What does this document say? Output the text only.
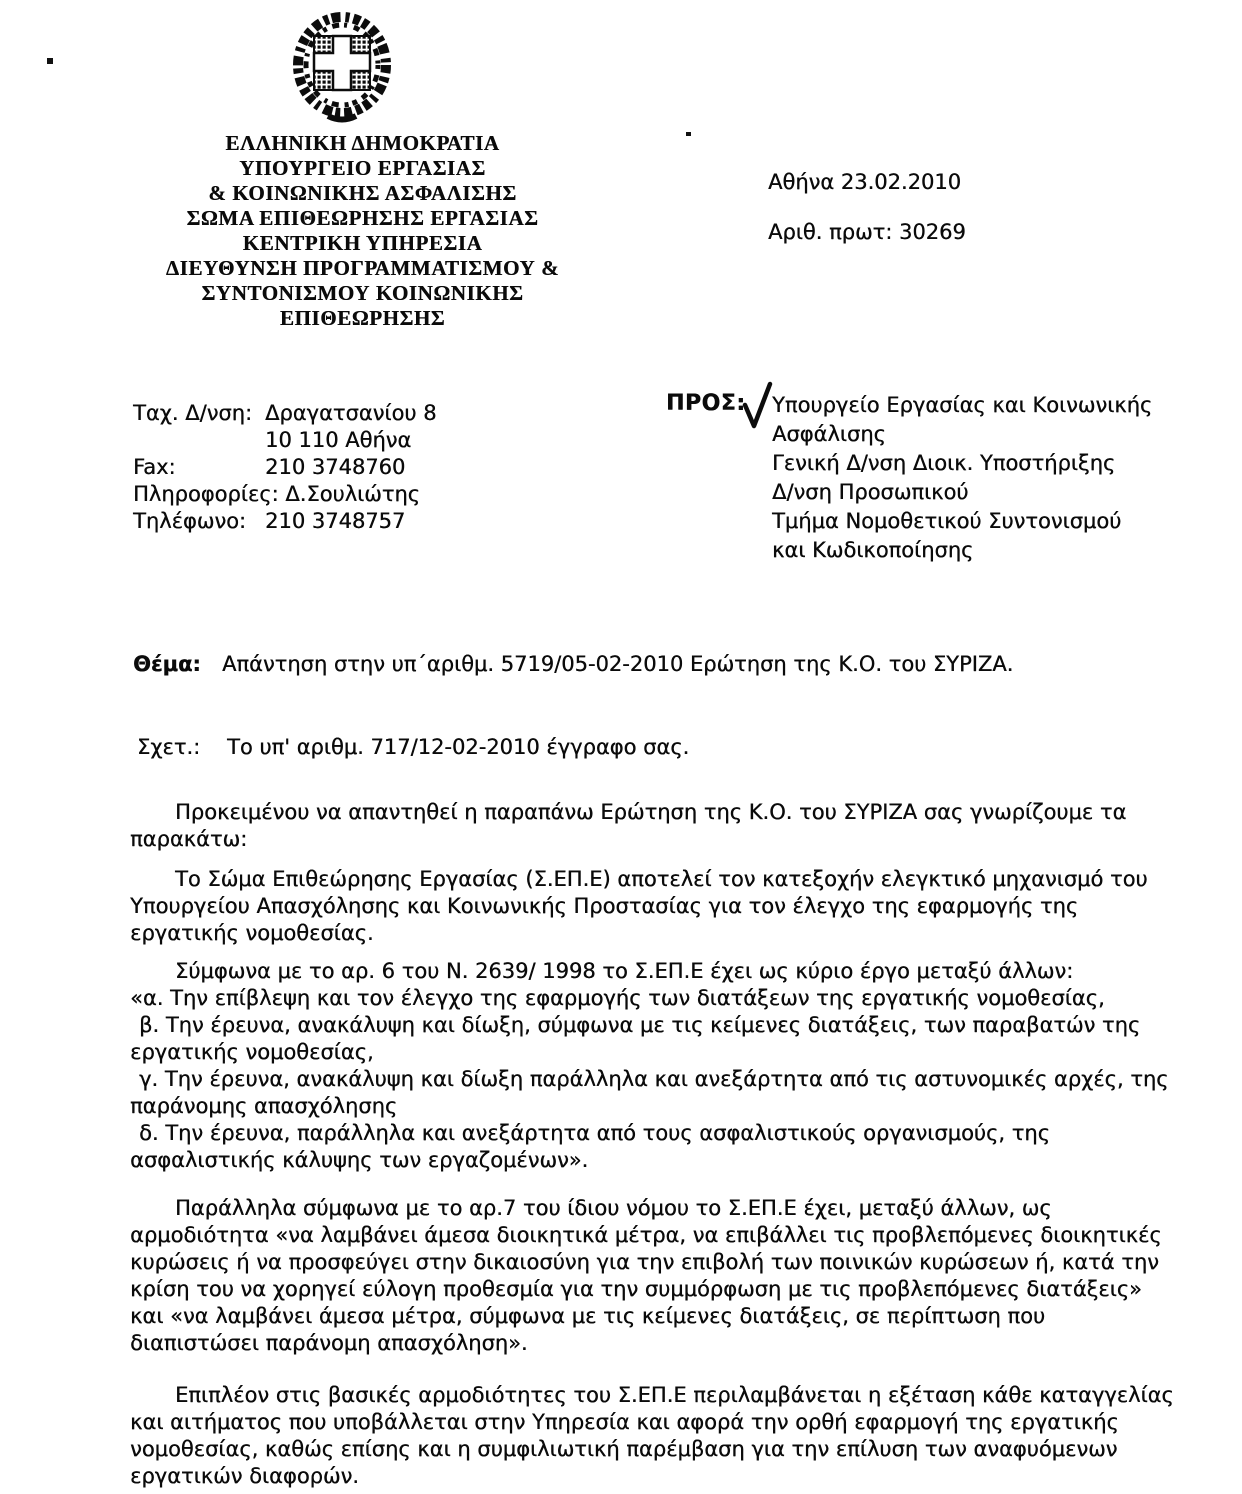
ΕΛΛΗΝΙΚΗ ΔΗΜΟΚΡΑΤΙΑ
ΥΠΟΥΡΓΕΙΟ ΕΡΓΑΣΙΑΣ
& ΚΟΙΝΩΝΙΚΗΣ ΑΣΦΑΛΙΣΗΣ
ΣΩΜΑ ΕΠΙΘΕΩΡΗΣΗΣ ΕΡΓΑΣΙΑΣ
ΚΕΝΤΡΙΚΗ ΥΠΗΡΕΣΙΑ
ΔΙΕΥΘΥΝΣΗ ΠΡΟΓΡΑΜΜΑΤΙΣΜΟΥ &
ΣΥΝΤΟΝΙΣΜΟΥ ΚΟΙΝΩΝΙΚΗΣ
ΕΠΙΘΕΩΡΗΣΗΣ
Αθήνα 23.02.2010
Αριθ. πρωτ: 30269
Ταχ. Δ/νση: Δραγατσανίου 8
10 110 Αθήνα
Fax:	210 3748760
Πληροφορίες: Δ.Σουλιώτης
Τηλέφωνο: 210 3748757
ΠΡΟΣ: Υπουργείο Εργασίας και Κοινωνικής
Ασφάλισης
Γενική Δ/νση Διοικ. Υποστήριξης
Δ/νση Προσωπικού
Τμήμα Νομοθετικού Συντονισμού
και Κωδικοποίησης
Θέμα: Απάντηση στην υπ΄αριθμ. 5719/05-02-2010 Ερώτηση της Κ.Ο. του ΣΥΡΙΖΑ.
Σχετ.: Το υπ' αριθμ. 717/12-02-2010 έγγραφο σας.

Προκειμένου να απαντηθεί η παραπάνω Ερώτηση της Κ.Ο. του ΣΥΡΙΖΑ σας γνωρίζουμε τα παρακάτω:

Το Σώμα Επιθεώρησης Εργασίας (Σ.ΕΠ.Ε) αποτελεί τον κατεξοχήν ελεγκτικό μηχανισμό του Υπουργείου Απασχόλησης και Κοινωνικής Προστασίας για τον έλεγχο της εφαρμογής της εργατικής νομοθεσίας.

Σύμφωνα με το αρ. 6 του Ν. 2639/ 1998 το Σ.ΕΠ.Ε έχει ως κύριο έργο μεταξύ άλλων:

«α. Την επίβλεψη και τον έλεγχο της εφαρμογής των διατάξεων της εργατικής νομοθεσίας,

β. Την έρευνα, ανακάλυψη και δίωξη, σύμφωνα με τις κείμενες διατάξεις, των παραβατών της εργατικής νομοθεσίας,

γ. Την έρευνα, ανακάλυψη και δίωξη παράλληλα και ανεξάρτητα από τις αστυνομικές αρχές, της παράνομης απασχόλησης

δ. Την έρευνα, παράλληλα και ανεξάρτητα από τους ασφαλιστικούς οργανισμούς, της ασφαλιστικής κάλυψης των εργαζομένων».

Παράλληλα σύμφωνα με το αρ.7 του ίδιου νόμου το Σ.ΕΠ.Ε έχει, μεταξύ άλλων, ως αρμοδιότητα «να λαμβάνει άμεσα διοικητικά μέτρα, να επιβάλλει τις προβλεπόμενες διοικητικές κυρώσεις ή να προσφεύγει στην δικαιοσύνη για την επιβολή των ποινικών κυρώσεων ή, κατά την κρίση του να χορηγεί εύλογη προθεσμία για την συμμόρφωση με τις προβλεπόμενες διατάξεις» και «να λαμβάνει άμεσα μέτρα, σύμφωνα με τις κείμενες διατάξεις, σε περίπτωση που διαπιστώσει παράνομη απασχόληση».

Επιπλέον στις βασικές αρμοδιότητες του Σ.ΕΠ.Ε περιλαμβάνεται η εξέταση κάθε καταγγελίας και αιτήματος που υποβάλλεται στην Υπηρεσία και αφορά την ορθή εφαρμογή της εργατικής νομοθεσίας, καθώς επίσης και η συμφιλιωτική παρέμβαση για την επίλυση των αναφυόμενων εργατικών διαφορών.
